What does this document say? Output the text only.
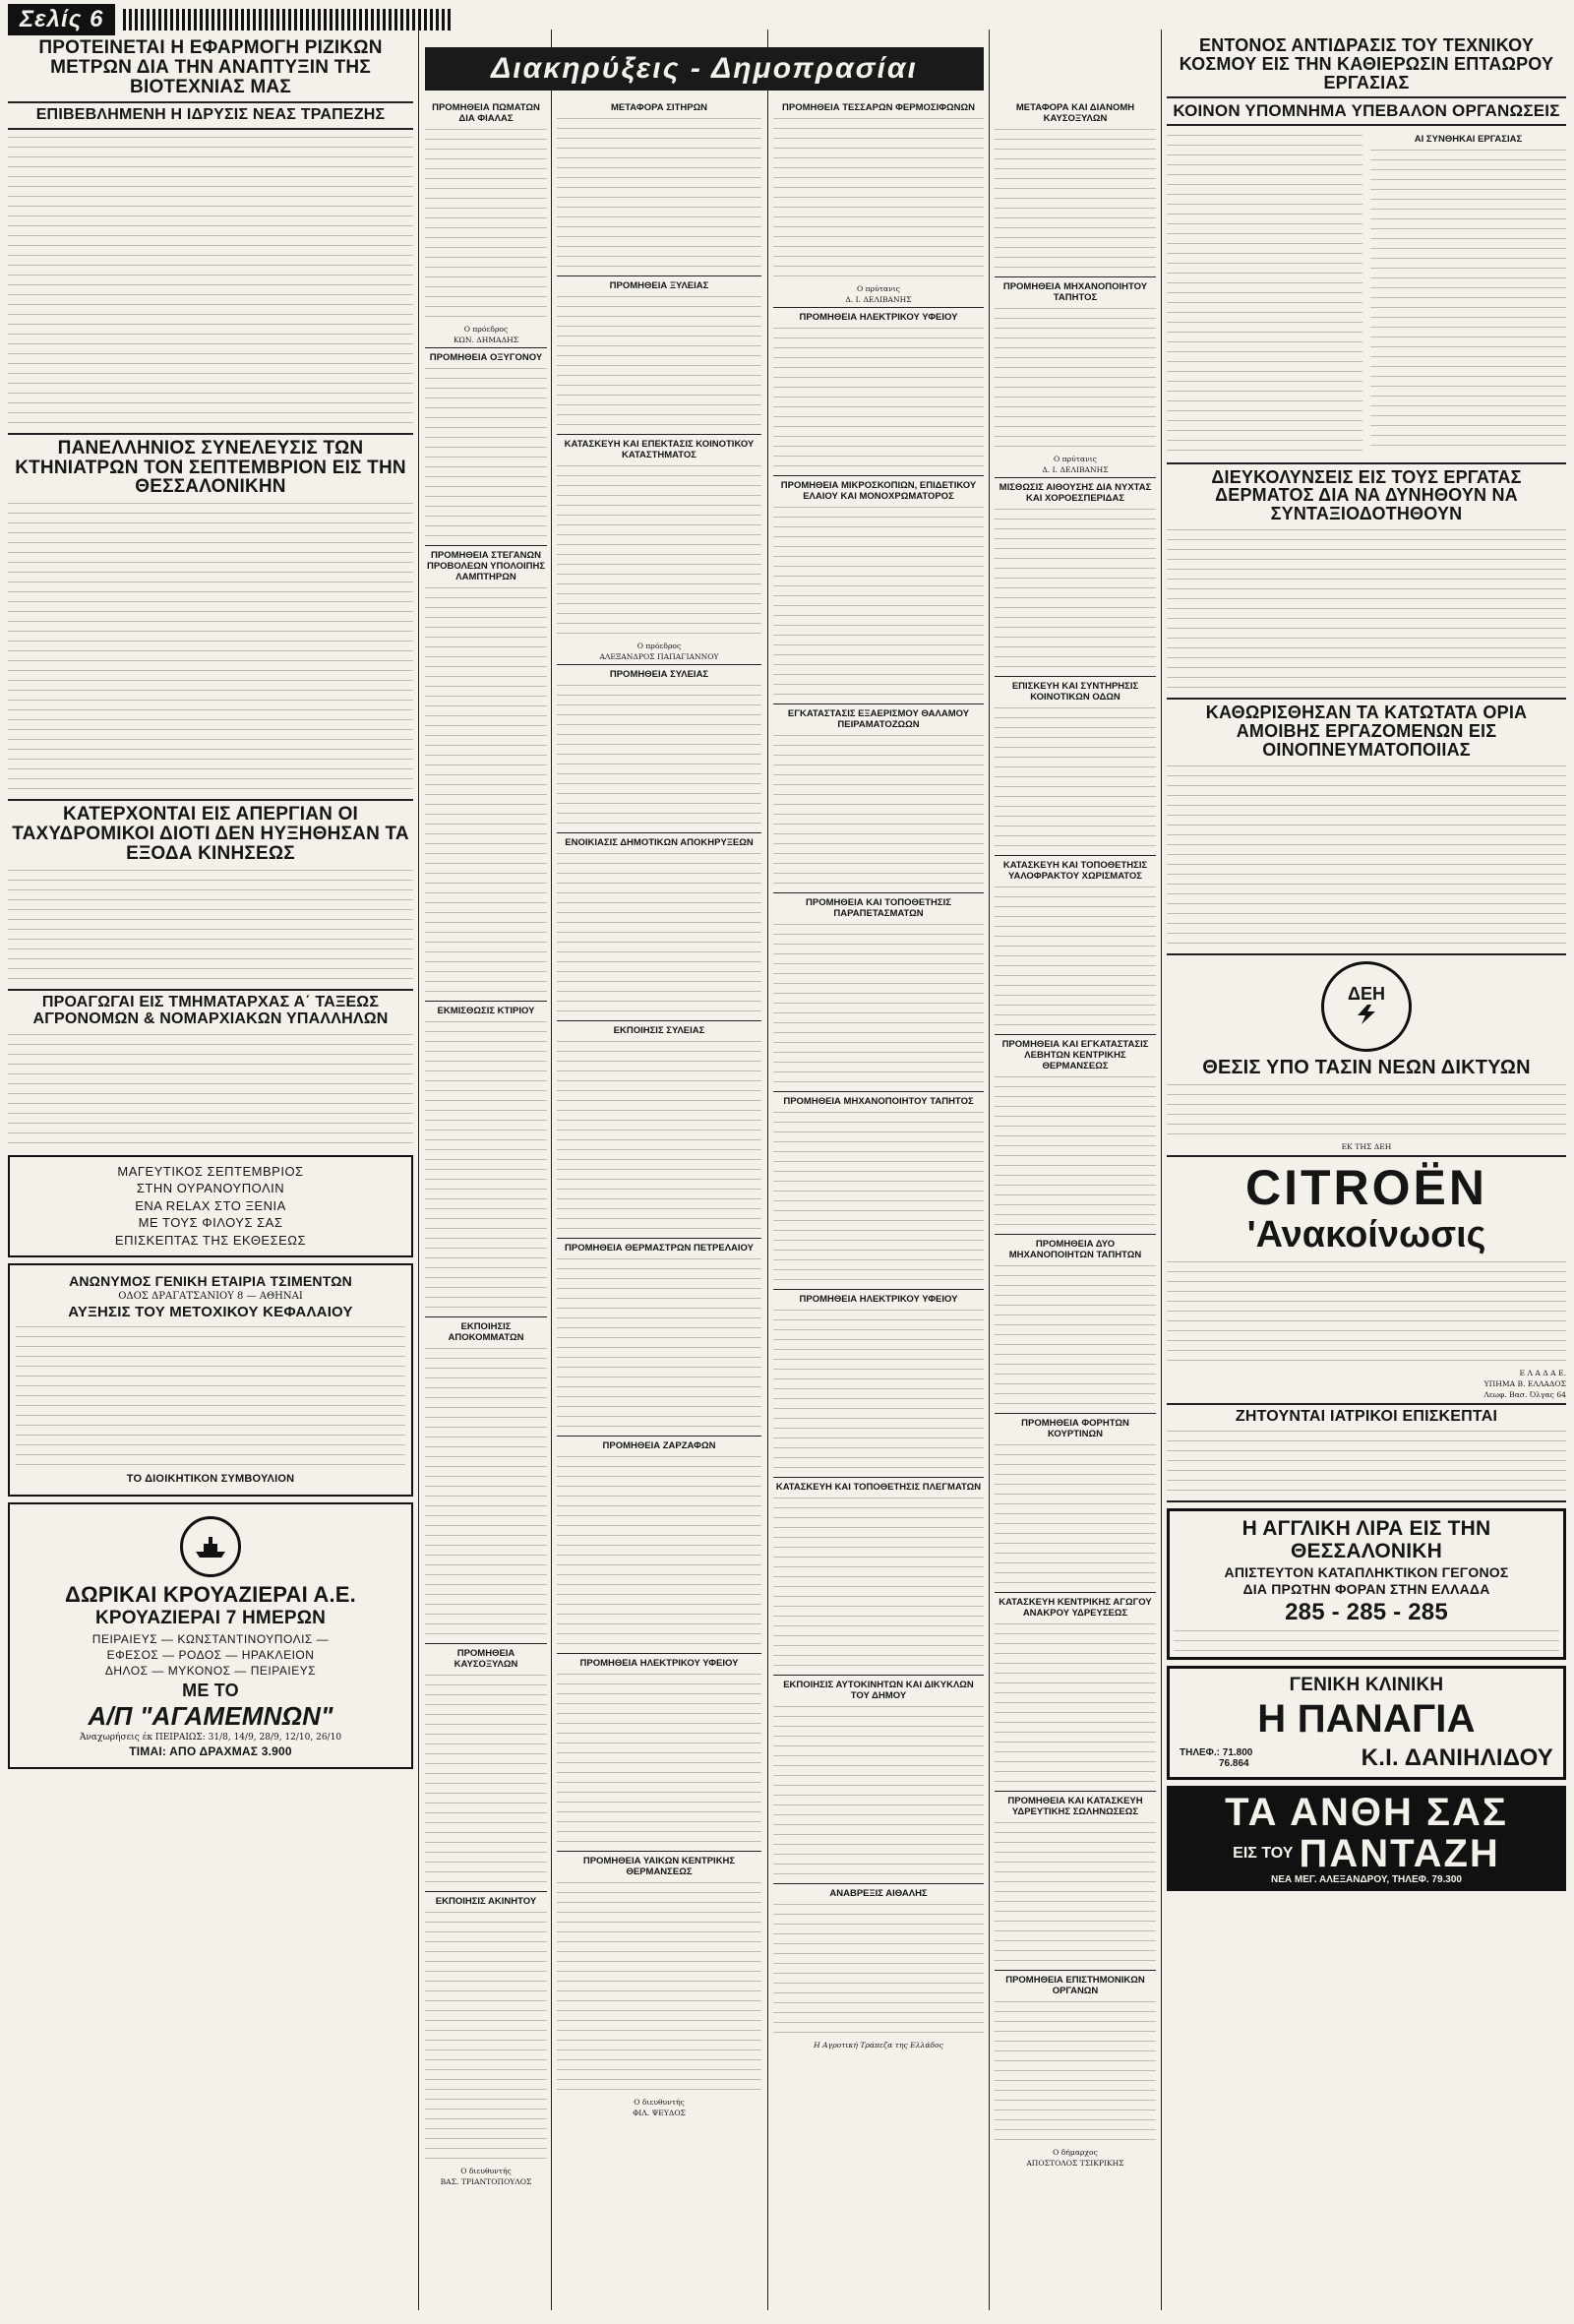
Σελίς 6
ΠΡΟΤΕΙΝΕΤΑΙ Η ΕΦΑΡΜΟΓΗ ΡΙΖΙΚΩΝ ΜΕΤΡΩΝ ΔΙΑ ΤΗΝ ΑΝΑΠΤΥΞΙΝ ΤΗΣ ΒΙΟΤΕΧΝΙΑΣ ΜΑΣ
ΕΠΙΒΕΒΛΗΜΕΝΗ Η ΙΔΡΥΣΙΣ ΝΕΑΣ ΤΡΑΠΕΖΗΣ
ΠΑΝΕΛΛΗΝΙΟΣ ΣΥΝΕΛΕΥΣΙΣ ΤΩΝ ΚΤΗΝΙΑΤΡΩΝ ΤΟΝ ΣΕΠΤΕΜΒΡΙΟΝ ΕΙΣ ΤΗΝ ΘΕΣΣΑΛΟΝΙΚΗΝ
ΚΑΤΕΡΧΟΝΤΑΙ ΕΙΣ ΑΠΕΡΓΙΑΝ ΟΙ ΤΑΧΥΔΡΟΜΙΚΟΙ ΔΙΟΤΙ ΔΕΝ ΗΥΞΗΘΗΣΑΝ ΤΑ ΕΞΟΔΑ ΚΙΝΗΣΕΩΣ
ΠΡΟΑΓΩΓΑΙ ΕΙΣ ΤΜΗΜΑΤΑΡΧΑΣ Α΄ ΤΑΞΕΩΣ ΑΓΡΟΝΟΜΩΝ & ΝΟΜΑΡΧΙΑΚΩΝ ΥΠΑΛΛΗΛΩΝ
ΜΑΓΕΥΤΙΚΟΣ ΣΕΠΤΕΜΒΡΙΟΣ
ΣΤΗΝ ΟΥΡΑΝΟΥΠΟΛΙΝ
ΕΝΑ RELAX ΣΤΟ ΞΕΝΙΑ
ΜΕ ΤΟΥΣ ΦΙΛΟΥΣ ΣΑΣ
ΕΠΙΣΚΕΠΤΑΣ ΤΗΣ ΕΚΘΕΣΕΩΣ
ΑΝΩΝΥΜΟΣ ΓΕΝΙΚΗ ΕΤΑΙΡΙΑ ΤΣΙΜΕΝΤΩΝ
ΟΔΟΣ ΔΡΑΓΑΤΣΑΝΙΟΥ 8 — ΑΘΗΝΑΙ
ΑΥΞΗΣΙΣ ΤΟΥ ΜΕΤΟΧΙΚΟΥ ΚΕΦΑΛΑΙΟΥ
ΤΟ ΔΙΟΙΚΗΤΙΚΟΝ ΣΥΜΒΟΥΛΙΟΝ
ΔΩΡΙΚΑΙ ΚΡΟΥΑΖΙΕΡΑΙ Α.Ε.
ΚΡΟΥΑΖΙΕΡΑΙ 7 ΗΜΕΡΩΝ
ΠΕΙΡΑΙΕΥΣ — ΚΩΝΣΤΑΝΤΙΝΟΥΠΟΛΙΣ —
ΕΦΕΣΟΣ — ΡΟΔΟΣ — ΗΡΑΚΛΕΙΟΝ
ΔΗΛΟΣ — ΜΥΚΟΝΟΣ — ΠΕΙΡΑΙΕΥΣ
ΜΕ ΤΟ
Α/Π "ΑΓΑΜΕΜΝΩΝ"
Άναχωρήσεις έκ ΠΕΙΡΑΙΩΣ: 31/8, 14/9, 28/9, 12/10, 26/10
ΤΙΜΑΙ: ΑΠΟ ΔΡΑΧΜΑΣ 3.900
Διακηρύξεις - Δημοπρασίαι
ΠΡΟΜΗΘΕΙΑ ΠΩΜΑΤΩΝ ΔΙΑ ΦΙΑΛΑΣ
Ο πρόεδρος
ΚΩΝ. ΔΗΜΑΔΗΣ
ΠΡΟΜΗΘΕΙΑ ΟΞΥΓΟΝΟΥ
ΠΡΟΜΗΘΕΙΑ ΣΤΕΓΑΝΩΝ ΠΡΟΒΟΛΕΩΝ ΥΠΟΛΟΙΠΗΣ ΛΑΜΠΤΗΡΩΝ
ΕΚΜΙΣΘΩΣΙΣ ΚΤΙΡΙΟΥ
ΕΚΠΟΙΗΣΙΣ ΑΠΟΚΟΜΜΑΤΩΝ
ΠΡΟΜΗΘΕΙΑ ΚΑΥΣΟΞΥΛΩΝ
ΕΚΠΟΙΗΣΙΣ ΑΚΙΝΗΤΟΥ
Ο διευθυντής
ΒΑΣ. ΤΡΙΑΝΤΟΠΟΥΛΟΣ
ΜΕΤΑΦΟΡΑ ΣΙΤΗΡΩΝ
ΠΡΟΜΗΘΕΙΑ ΞΥΛΕΙΑΣ
ΚΑΤΑΣΚΕΥΗ ΚΑΙ ΕΠΕΚΤΑΣΙΣ ΚΟΙΝΟΤΙΚΟΥ ΚΑΤΑΣΤΗΜΑΤΟΣ
Ο πρόεδρος
ΑΛΕΞΑΝΔΡΟΣ ΠΑΠΑΓΙΑΝΝΟΥ
ΠΡΟΜΗΘΕΙΑ ΣΥΛΕΙΑΣ
ΕΝΟΙΚΙΑΣΙΣ ΔΗΜΟΤΙΚΩΝ ΑΠΟΚΗΡΥΞΕΩΝ
ΕΚΠΟΙΗΣΙΣ ΣΥΛΕΙΑΣ
ΠΡΟΜΗΘΕΙΑ ΘΕΡΜΑΣΤΡΩΝ ΠΕΤΡΕΛΑΙΟΥ
ΠΡΟΜΗΘΕΙΑ ΖΑΡΖΑΦΩΝ
ΠΡΟΜΗΘΕΙΑ ΗΛΕΚΤΡΙΚΟΥ ΥΦΕΙΟΥ
ΠΡΟΜΗΘΕΙΑ ΥΑΙΚΩΝ ΚΕΝΤΡΙΚΗΣ ΘΕΡΜΑΝΣΕΩΣ
Ο διευθυντής
ΦΙΛ. ΨΕΥΔΟΣ
ΠΡΟΜΗΘΕΙΑ ΤΕΣΣΑΡΩΝ ΦΕΡΜΟΣΙΦΩΝΩΝ
Ο πρύτανις
Δ. Ι. ΔΕΛΙΒΑΝΗΣ
ΠΡΟΜΗΘΕΙΑ ΗΛΕΚΤΡΙΚΟΥ ΥΦΕΙΟΥ
ΠΡΟΜΗΘΕΙΑ ΜΙΚΡΟΣΚΟΠΙΩΝ, ΕΠΙΔΕΤΙΚΟΥ ΕΛΑΙΟΥ ΚΑΙ ΜΟΝΟΧΡΩΜΑΤΟΡΟΣ
ΕΓΚΑΤΑΣΤΑΣΙΣ ΕΞΑΕΡΙΣΜΟΥ ΘΑΛΑΜΟΥ ΠΕΙΡΑΜΑΤΟΖΩΩΝ
ΠΡΟΜΗΘΕΙΑ ΚΑΙ ΤΟΠΟΘΕΤΗΣΙΣ ΠΑΡΑΠΕΤΑΣΜΑΤΩΝ
ΠΡΟΜΗΘΕΙΑ ΜΗΧΑΝΟΠΟΙΗΤΟΥ ΤΑΠΗΤΟΣ
ΠΡΟΜΗΘΕΙΑ ΗΛΕΚΤΡΙΚΟΥ ΥΦΕΙΟΥ
ΚΑΤΑΣΚΕΥΗ ΚΑΙ ΤΟΠΟΘΕΤΗΣΙΣ ΠΛΕΓΜΑΤΩΝ
ΕΚΠΟΙΗΣΙΣ ΑΥΤΟΚΙΝΗΤΩΝ ΚΑΙ ΔΙΚΥΚΛΩΝ ΤΟΥ ΔΗΜΟΥ
ΑΝΑΒΡΕΞΙΣ ΑΙΘΑΛΗΣ
Η Αγροτική Τράπεζα της Ελλάδος
ΜΕΤΑΦΟΡΑ ΚΑΙ ΔΙΑΝΟΜΗ ΚΑΥΣΟΞΥΛΩΝ
ΠΡΟΜΗΘΕΙΑ ΜΗΧΑΝΟΠΟΙΗΤΟΥ ΤΑΠΗΤΟΣ
Ο πρύτανις
Δ. Ι. ΔΕΛΙΒΑΝΗΣ
ΜΙΣΘΩΣΙΣ ΑΙΘΟΥΣΗΣ ΔΙΑ ΝΥΧΤΑΣ ΚΑΙ ΧΟΡΟΕΣΠΕΡΙΔΑΣ
ΕΠΙΣΚΕΥΗ ΚΑΙ ΣΥΝΤΗΡΗΣΙΣ ΚΟΙΝΟΤΙΚΩΝ ΟΔΩΝ
ΚΑΤΑΣΚΕΥΗ ΚΑΙ ΤΟΠΟΘΕΤΗΣΙΣ ΥΑΛΟΦΡΑΚΤΟΥ ΧΩΡΙΣΜΑΤΟΣ
ΠΡΟΜΗΘΕΙΑ ΚΑΙ ΕΓΚΑΤΑΣΤΑΣΙΣ ΛΕΒΗΤΩΝ ΚΕΝΤΡΙΚΗΣ ΘΕΡΜΑΝΣΕΩΣ
ΠΡΟΜΗΘΕΙΑ ΔΥΟ ΜΗΧΑΝΟΠΟΙΗΤΩΝ ΤΑΠΗΤΩΝ
ΠΡΟΜΗΘΕΙΑ ΦΟΡΗΤΩΝ ΚΟΥΡΤΙΝΩΝ
ΚΑΤΑΣΚΕΥΗ ΚΕΝΤΡΙΚΗΣ ΑΓΩΓΟΥ ΑΝΑΚΡΟΥ ΥΔΡΕΥΣΕΩΣ
ΠΡΟΜΗΘΕΙΑ ΚΑΙ ΚΑΤΑΣΚΕΥΗ ΥΔΡΕΥΤΙΚΗΣ ΣΩΛΗΝΩΣΕΩΣ
ΠΡΟΜΗΘΕΙΑ ΕΠΙΣΤΗΜΟΝΙΚΩΝ ΟΡΓΑΝΩΝ
Ο δήμαρχος
ΑΠΟΣΤΟΛΟΣ ΤΣΙΚΡΙΚΗΣ
ΕΝΤΟΝΟΣ ΑΝΤΙΔΡΑΣΙΣ ΤΟΥ ΤΕΧΝΙΚΟΥ ΚΟΣΜΟΥ ΕΙΣ ΤΗΝ ΚΑΘΙΕΡΩΣΙΝ ΕΠΤΑΩΡΟΥ ΕΡΓΑΣΙΑΣ
ΚΟΙΝΟΝ ΥΠΟΜΝΗΜΑ ΥΠΕΒΑΛΟΝ ΟΡΓΑΝΩΣΕΙΣ
ΑΙ ΣΥΝΘΗΚΑΙ ΕΡΓΑΣΙΑΣ
ΔΙΕΥΚΟΛΥΝΣΕΙΣ ΕΙΣ ΤΟΥΣ ΕΡΓΑΤΑΣ ΔΕΡΜΑΤΟΣ ΔΙΑ ΝΑ ΔΥΝΗΘΟΥΝ ΝΑ ΣΥΝΤΑΞΙΟΔΟΤΗΘΟΥΝ
ΚΑΘΩΡΙΣΘΗΣΑΝ ΤΑ ΚΑΤΩΤΑΤΑ ΟΡΙΑ ΑΜΟΙΒΗΣ ΕΡΓΑΖΟΜΕΝΩΝ ΕΙΣ ΟΙΝΟΠΝΕΥΜΑΤΟΠΟΙΙΑΣ
ΔΕΗ
ΘΕΣΙΣ ΥΠΟ ΤΑΣΙΝ ΝΕΩΝ ΔΙΚΤΥΩΝ
ΕΚ ΤΗΣ ΔΕΗ
CITROËN
'Ανακοίνωσις
Ε Λ Α Δ Α Ε.
ΥΠΗΜΑ Β. ΕΛΛΑΔΟΣ
Λεωφ. Βασ. Όλγας 64
ΖΗΤΟΥΝΤΑΙ ΙΑΤΡΙΚΟΙ ΕΠΙΣΚΕΠΤΑΙ
Η ΑΓΓΛΙΚΗ ΛΙΡΑ ΕΙΣ ΤΗΝ ΘΕΣΣΑΛΟΝΙΚΗ
ΑΠΙΣΤΕΥΤΟΝ ΚΑΤΑΠΛΗΚΤΙΚΟΝ ΓΕΓΟΝΟΣ
ΔΙΑ ΠΡΩΤΗΝ ΦΟΡΑΝ ΣΤΗΝ ΕΛΛΑΔΑ
285 - 285 - 285
ΓΕΝΙΚΗ ΚΛΙΝΙΚΗ
Η ΠΑΝΑΓΙΑ
ΤΗΛΕΦ.: 71.800
76.864	Κ.Ι. ΔΑΝΙΗΛΙΔΟΥ
ΤΑ ΑΝΘΗ ΣΑΣ
ΕΙΣ ΤΟΥ ΠΑΝΤΑΖΗ
ΝΕΑ ΜΕΓ. ΑΛΕΞΑΝΔΡΟΥ, ΤΗΛΕΦ. 79.300
